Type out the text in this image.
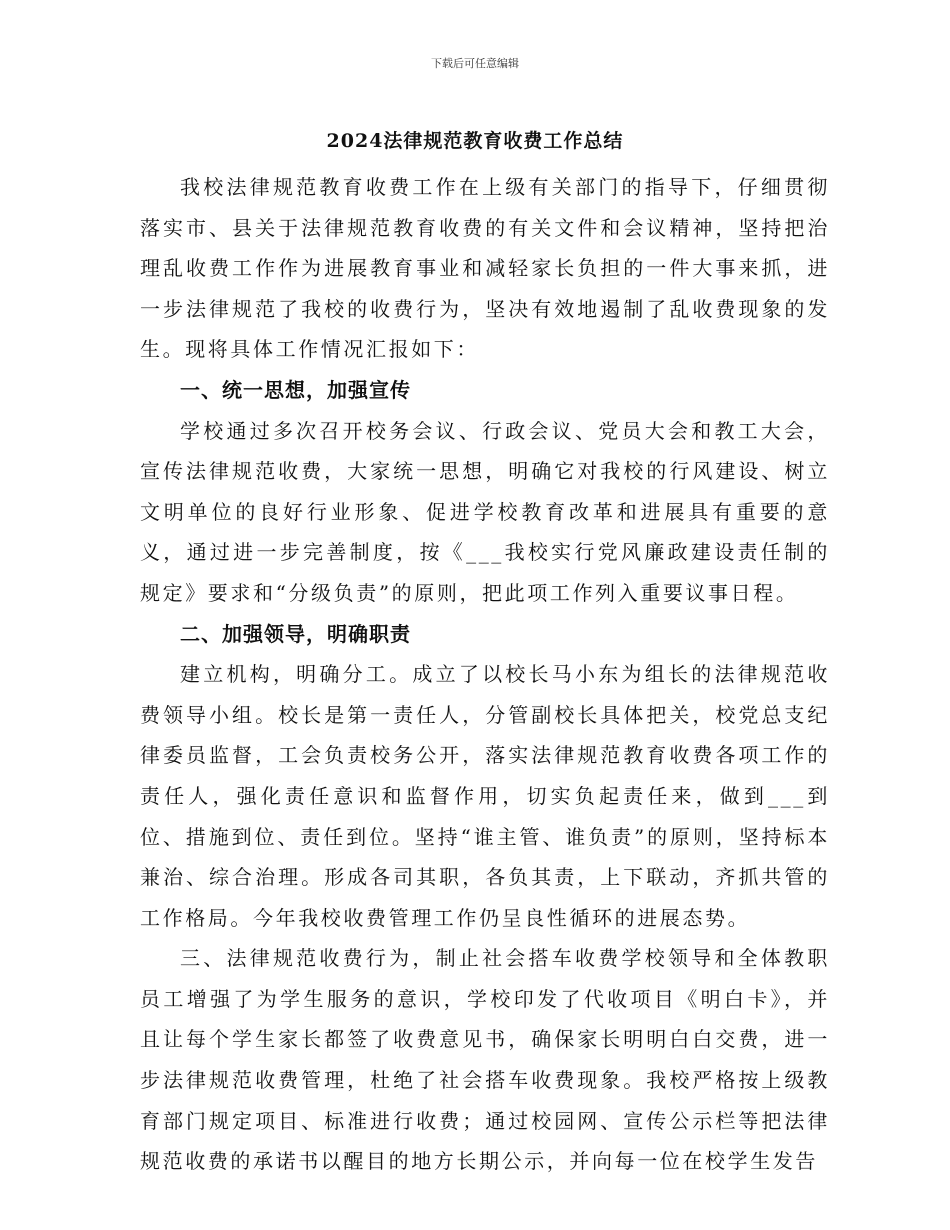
下载后可任意编辑
2024法律规范教育收费工作总结

我校法律规范教育收费工作在上级有关部门的指导下，仔细贯彻落实市、县关于法律规范教育收费的有关文件和会议精神，坚持把治理乱收费工作作为进展教育事业和减轻家长负担的一件大事来抓，进一步法律规范了我校的收费行为，坚决有效地遏制了乱收费现象的发生。现将具体工作情况汇报如下：

一、统一思想，加强宣传

学校通过多次召开校务会议、行政会议、党员大会和教工大会，宣传法律规范收费，大家统一思想，明确它对我校的行风建设、树立文明单位的良好行业形象、促进学校教育改革和进展具有重要的意义，通过进一步完善制度，按《___我校实行党风廉政建设责任制的规定》要求和“分级负责”的原则，把此项工作列入重要议事日程。

二、加强领导，明确职责

建立机构，明确分工。成立了以校长马小东为组长的法律规范收费领导小组。校长是第一责任人，分管副校长具体把关，校党总支纪律委员监督，工会负责校务公开，落实法律规范教育收费各项工作的责任人，强化责任意识和监督作用，切实负起责任来，做到___到位、措施到位、责任到位。坚持“谁主管、谁负责”的原则，坚持标本兼治、综合治理。形成各司其职，各负其责，上下联动，齐抓共管的工作格局。今年我校收费管理工作仍呈良性循环的进展态势。

三、法律规范收费行为，制止社会搭车收费学校领导和全体教职员工增强了为学生服务的意识，学校印发了代收项目《明白卡》，并且让每个学生家长都签了收费意见书，确保家长明明白白交费，进一步法律规范收费管理，杜绝了社会搭车收费现象。我校严格按上级教育部门规定项目、标准进行收费；通过校园网、宣传公示栏等把法律规范收费的承诺书以醒目的地方长期公示，并向每一位在校学生发告
